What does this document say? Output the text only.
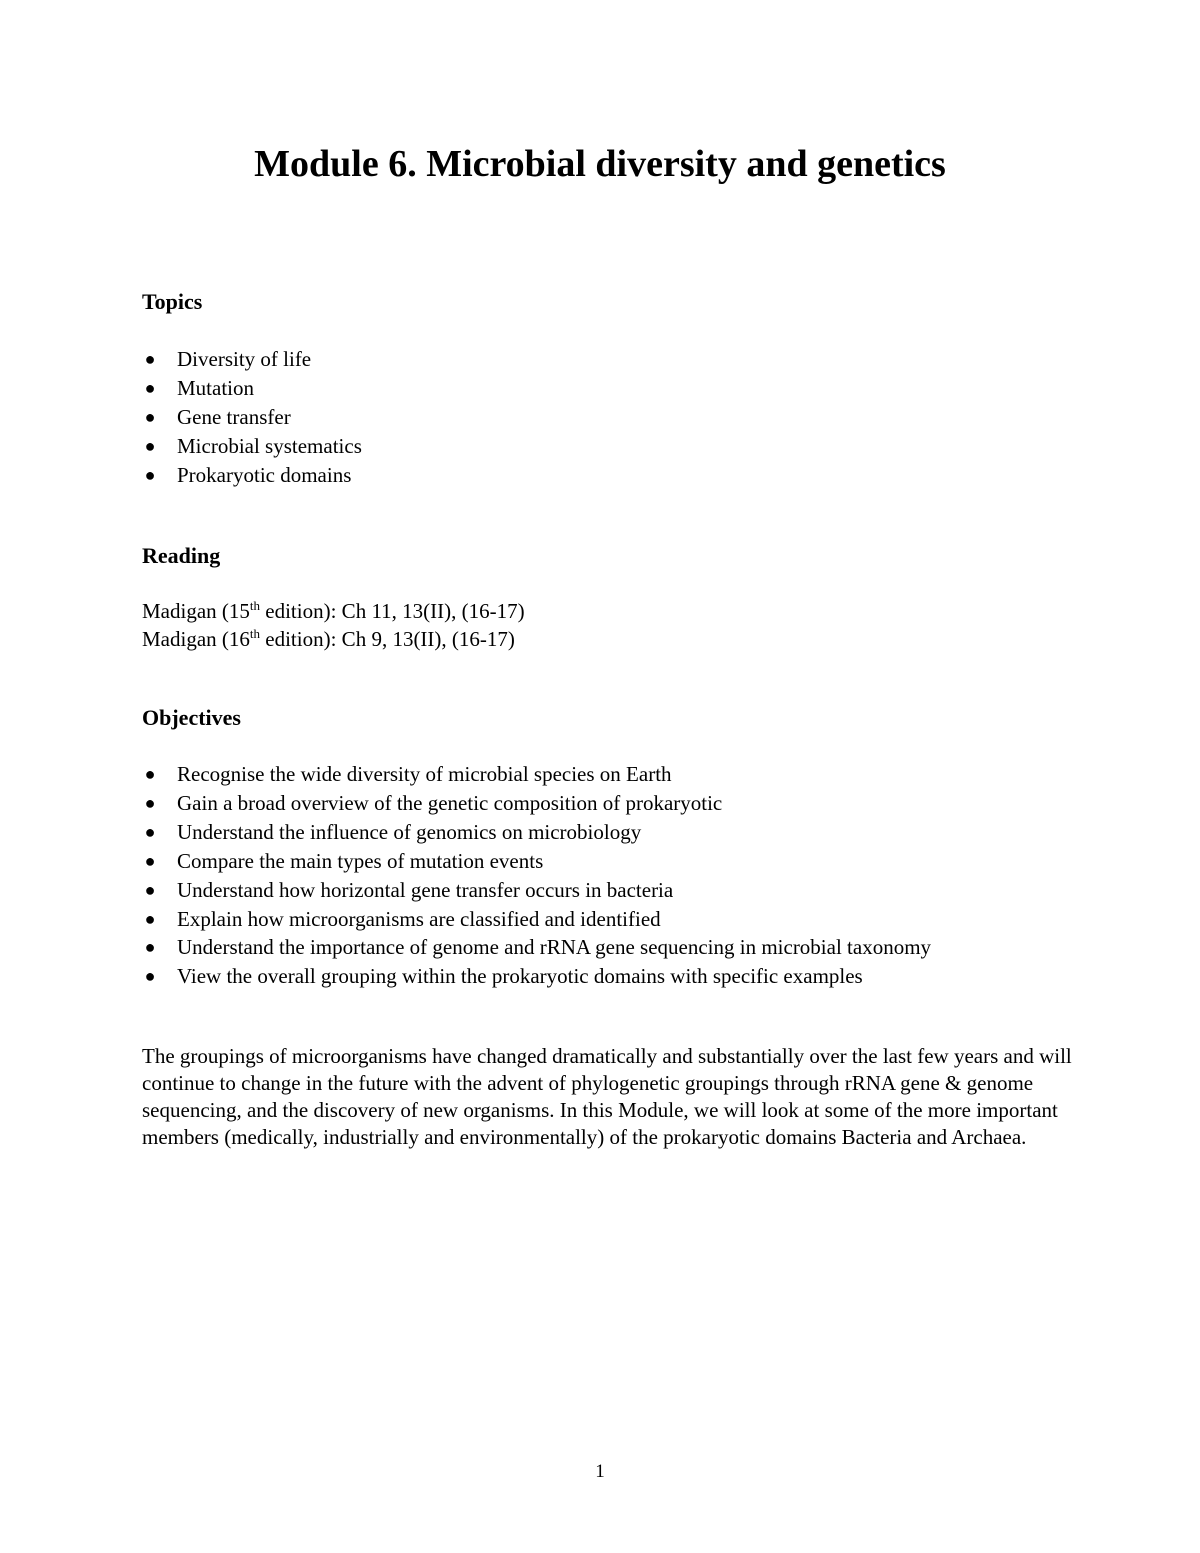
Module 6. Microbial diversity and genetics
Topics
● Diversity of life
● Mutation
● Gene transfer
● Microbial systematics
● Prokaryotic domains
Reading

Madigan (15th edition): Ch 11, 13(II), (16-17)

Madigan (16th edition): Ch 9, 13(II), (16-17)

Objectives
● Recognise the wide diversity of microbial species on Earth
● Gain a broad overview of the genetic composition of prokaryotic
● Understand the influence of genomics on microbiology
● Compare the main types of mutation events
● Understand how horizontal gene transfer occurs in bacteria
● Explain how microorganisms are classified and identified
● Understand the importance of genome and rRNA gene sequencing in microbial taxonomy
● View the overall grouping within the prokaryotic domains with specific examples

The groupings of microorganisms have changed dramatically and substantially over the last few years and will continue to change in the future with the advent of phylogenetic groupings through rRNA gene & genome sequencing, and the discovery of new organisms. In this Module, we will look at some of the more important members (medically, industrially and environmentally) of the prokaryotic domains Bacteria and Archaea.

1
